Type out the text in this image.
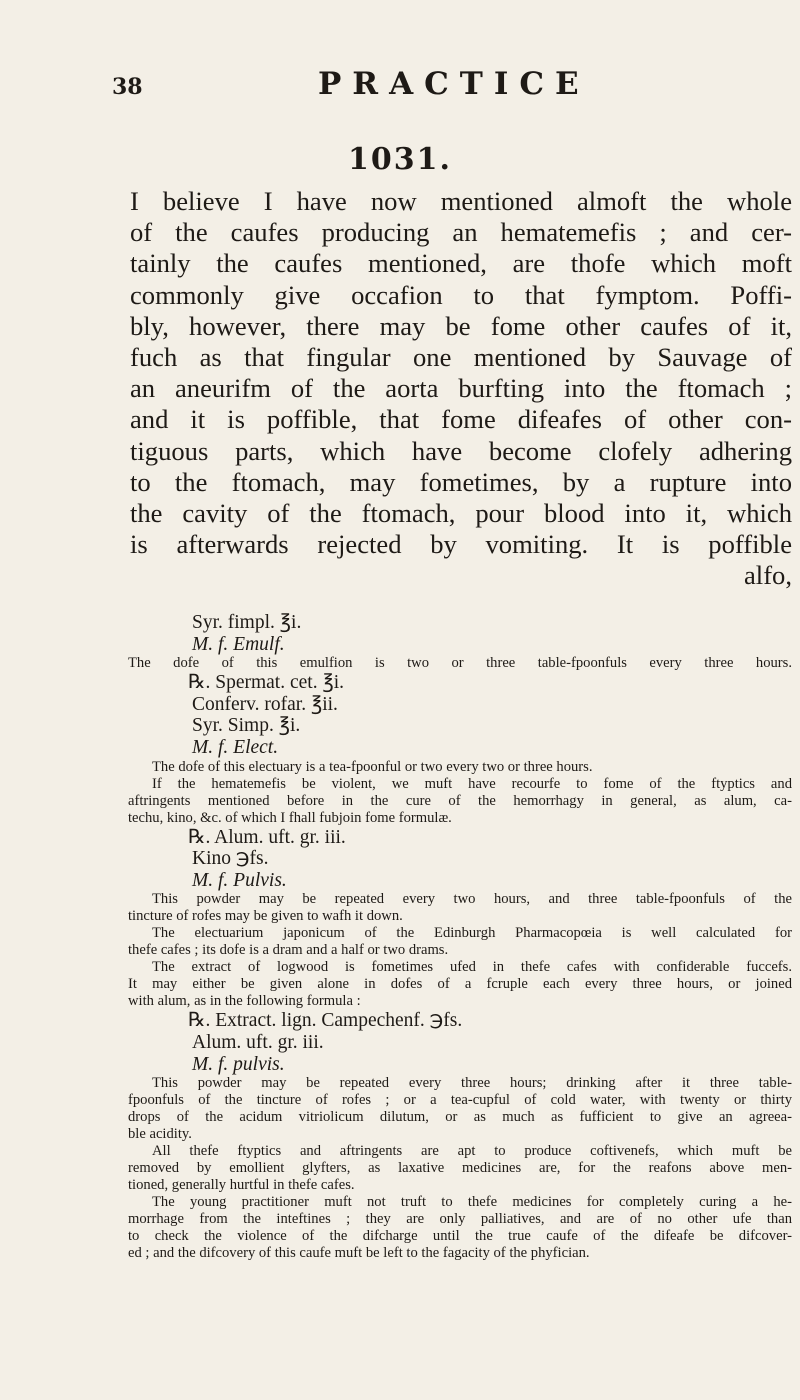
38	PRACTICE
1031.
I believe I have now mentioned almoft the whole
of the caufes producing an hematemefis ; and cer-
tainly the caufes mentioned, are thofe which moft
commonly give occafion to that fymptom. Poffi-
bly, however, there may be fome other caufes of it,
fuch as that fingular one mentioned by Sauvage of
an aneurifm of the aorta burfting into the ftomach ;
and it is poffible, that fome difeafes of other con-
tiguous parts, which have become clofely adhering
to the ftomach, may fometimes, by a rupture into
the cavity of the ftomach, pour blood into it, which
is afterwards rejected by vomiting. It is poffible
alfo,
Syr. fimpl. ℥i.
M. f. Emulf.
The dofe of this emulfion is two or three table-fpoonfuls every three hours.
℞. Spermat. cet. ℥i.
Conferv. rofar. ℥ii.
Syr. Simp. ℥i.
M. f. Elect.
The dofe of this electuary is a tea-fpoonful or two every two or three hours.
If the hematemefis be violent, we muft have recourfe to fome of the ftyptics and
aftringents mentioned before in the cure of the hemorrhagy in general, as alum, ca-
techu, kino, &c. of which I fhall fubjoin fome formulæ.
℞. Alum. uft. gr. iii.
Kino ℈fs.
M. f. Pulvis.
This powder may be repeated every two hours, and three table-fpoonfuls of the
tincture of rofes may be given to wafh it down.
The electuarium japonicum of the Edinburgh Pharmacopœia is well calculated for
thefe cafes ; its dofe is a dram and a half or two drams.
The extract of logwood is fometimes ufed in thefe cafes with confiderable fuccefs.
It may either be given alone in dofes of a fcruple each every three hours, or joined
with alum, as in the following formula :
℞. Extract. lign. Campechenf. ℈fs.
Alum. uft. gr. iii.
M. f. pulvis.
This powder may be repeated every three hours; drinking after it three table-
fpoonfuls of the tincture of rofes ; or a tea-cupful of cold water, with twenty or thirty
drops of the acidum vitriolicum dilutum, or as much as fufficient to give an agreea-
ble acidity.
All thefe ftyptics and aftringents are apt to produce coftivenefs, which muft be
removed by emollient glyfters, as laxative medicines are, for the reafons above men-
tioned, generally hurtful in thefe cafes.
The young practitioner muft not truft to thefe medicines for completely curing a he-
morrhage from the inteftines ; they are only palliatives, and are of no other ufe than
to check the violence of the difcharge until the true caufe of the difeafe be difcover-
ed ; and the difcovery of this caufe muft be left to the fagacity of the phyfician.
